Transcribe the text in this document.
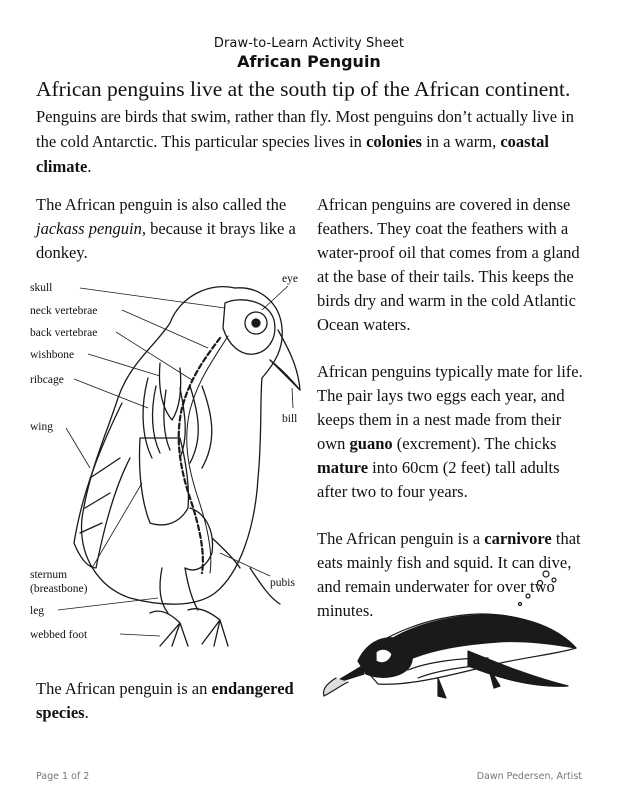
Draw-to-Learn Activity Sheet
African Penguin
African penguins live at the south tip of the African continent.
Penguins are birds that swim, rather than fly. Most penguins don’t actually live in the cold Antarctic. This particular species lives in colonies in a warm, coastal climate.
The African penguin is also called the jackass penguin, because it brays like a donkey.
skull
neck vertebrae
back vertebrae
wishbone
ribcage
wing
sternum
(breastbone)
leg
webbed foot
eye
bill
pubis

African penguins are covered in dense feathers. They coat the feathers with a water-proof oil that comes from a gland at the base of their tails. This keeps the birds dry and warm in the cold Atlantic Ocean waters.

African penguins typically mate for life. The pair lays two eggs each year, and keeps them in a nest made from their own guano (excrement). The chicks mature into 60cm (2 feet) tall adults after two to four years.

The African penguin is a carnivore that eats mainly fish and squid. It can dive, and remain underwater for over two minutes.

The African penguin is an endangered species.
Page 1 of 2	Dawn Pedersen, Artist
